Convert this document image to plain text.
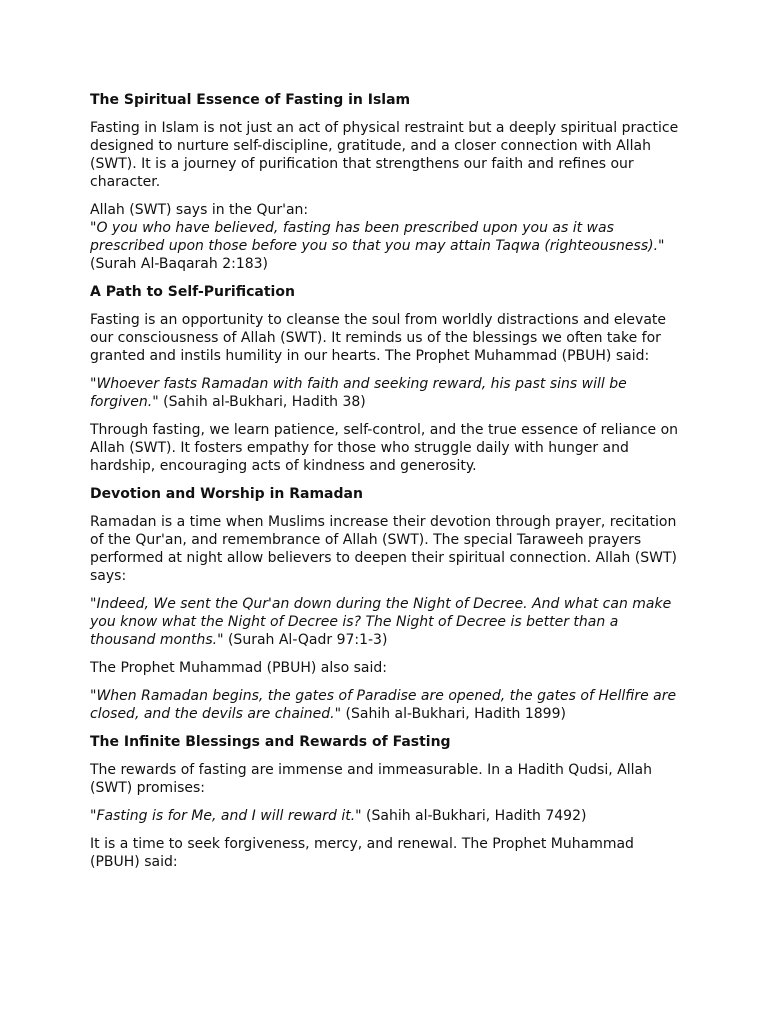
The Spiritual Essence of Fasting in Islam

Fasting in Islam is not just an act of physical restraint but a deeply spiritual practice designed to nurture self-discipline, gratitude, and a closer connection with Allah (SWT). It is a journey of purification that strengthens our faith and refines our character.

Allah (SWT) says in the Qur'an:
"O you who have believed, fasting has been prescribed upon you as it was prescribed upon those before you so that you may attain Taqwa (righteousness)."
(Surah Al-Baqarah 2:183)

A Path to Self-Purification

Fasting is an opportunity to cleanse the soul from worldly distractions and elevate our consciousness of Allah (SWT). It reminds us of the blessings we often take for granted and instils humility in our hearts. The Prophet Muhammad (PBUH) said:

"Whoever fasts Ramadan with faith and seeking reward, his past sins will be forgiven." (Sahih al-Bukhari, Hadith 38)

Through fasting, we learn patience, self-control, and the true essence of reliance on Allah (SWT). It fosters empathy for those who struggle daily with hunger and hardship, encouraging acts of kindness and generosity.

Devotion and Worship in Ramadan

Ramadan is a time when Muslims increase their devotion through prayer, recitation of the Qur'an, and remembrance of Allah (SWT). The special Taraweeh prayers performed at night allow believers to deepen their spiritual connection. Allah (SWT) says:

"Indeed, We sent the Qur'an down during the Night of Decree. And what can make you know what the Night of Decree is? The Night of Decree is better than a thousand months." (Surah Al-Qadr 97:1-3)

The Prophet Muhammad (PBUH) also said:

"When Ramadan begins, the gates of Paradise are opened, the gates of Hellfire are closed, and the devils are chained." (Sahih al-Bukhari, Hadith 1899)

The Infinite Blessings and Rewards of Fasting

The rewards of fasting are immense and immeasurable. In a Hadith Qudsi, Allah (SWT) promises:

"Fasting is for Me, and I will reward it." (Sahih al-Bukhari, Hadith 7492)

It is a time to seek forgiveness, mercy, and renewal. The Prophet Muhammad (PBUH) said:
